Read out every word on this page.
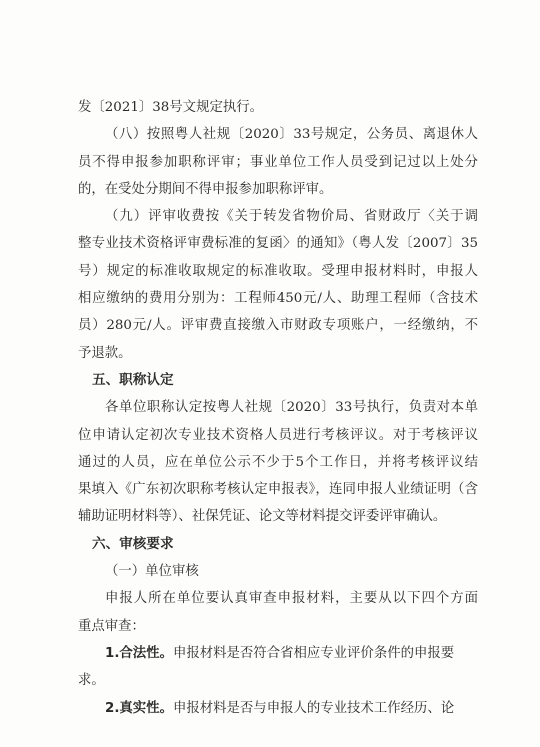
发〔2021〕38号文规定执行。
（八）按照粤人社规〔2020〕33号规定，公务员、离退休人
员不得申报参加职称评审；事业单位工作人员受到记过以上处分
的，在受处分期间不得申报参加职称评审。
（九）评审收费按《关于转发省物价局、省财政厅〈关于调
整专业技术资格评审费标准的复函〉的通知》（粤人发〔2007〕35
号）规定的标准收取规定的标准收取。受理申报材料时，申报人
相应缴纳的费用分别为：工程师450元/人、助理工程师（含技术
员）280元/人。评审费直接缴入市财政专项账户，一经缴纳，不
予退款。
五、职称认定
各单位职称认定按粤人社规〔2020〕33号执行，负责对本单
位申请认定初次专业技术资格人员进行考核评议。对于考核评议
通过的人员，应在单位公示不少于5个工作日，并将考核评议结
果填入《广东初次职称考核认定申报表》，连同申报人业绩证明（含
辅助证明材料等）、社保凭证、论文等材料提交评委评审确认。
六、审核要求
（一）单位审核
申报人所在单位要认真审查申报材料，主要从以下四个方面
重点审查：
1.合法性。申报材料是否符合省相应专业评价条件的申报要
求。
2.真实性。申报材料是否与申报人的专业技术工作经历、论
